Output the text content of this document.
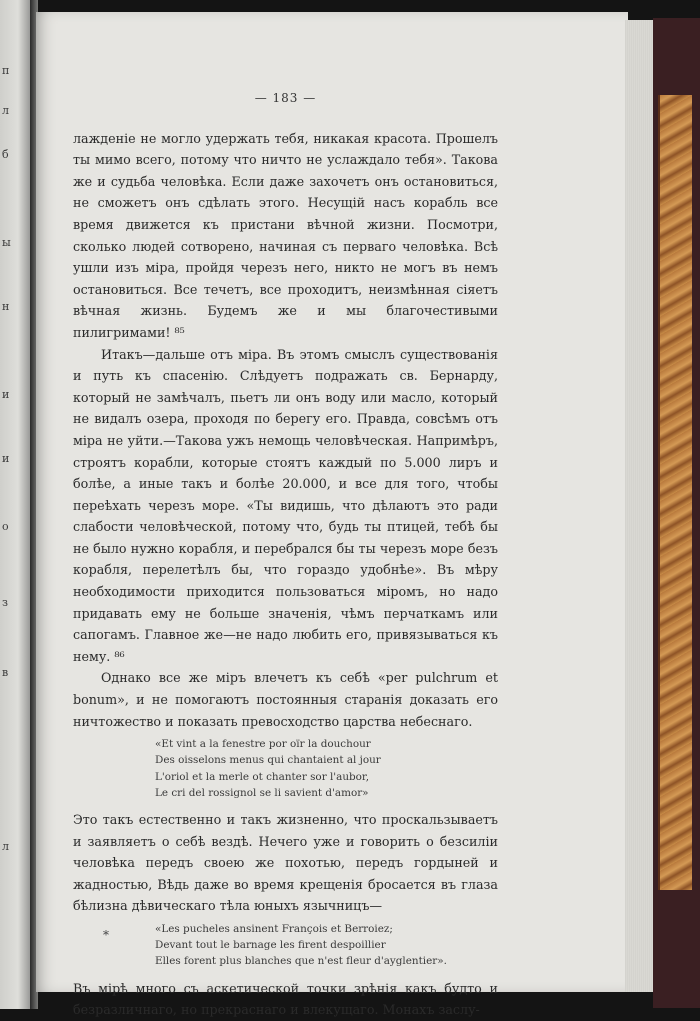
п
л
б
ы
н
и
и
о
з
в
л
— 183 —

лажденіе не могло удержать тебя, никакая красота. Прошелъ ты мимо всего, потому что ничто не услаждало тебя». Такова же и судьба человѣка. Если даже захочетъ онъ остановиться, не сможетъ онъ сдѣлать этого. Несущій насъ корабль все время движется къ пристани вѣчной жизни. Посмотри, сколько людей сотворено, начиная съ перваго человѣка. Всѣ ушли изъ міра, пройдя черезъ него, никто не могъ въ немъ остановиться. Все течетъ, все проходитъ, неизмѣнная сіяетъ вѣчная жизнь. Будемъ же и мы благочестивыми пилигримами! ⁸⁵

Итакъ—дальше отъ міра. Въ этомъ смыслъ существованія и путь къ спасенію. Слѣдуетъ подражать св. Бернарду, который не замѣчалъ, пьетъ ли онъ воду или масло, который не видалъ озера, проходя по берегу его. Правда, совсѣмъ отъ міра не уйти.—Такова ужъ немощь человѣческая. Напримѣръ, строятъ корабли, которые стоятъ каждый по 5.000 лиръ и болѣе, а иные такъ и болѣе 20.000, и все для того, чтобы переѣхать черезъ море. «Ты видишь, что дѣлаютъ это ради слабости человѣческой, потому что, будь ты птицей, тебѣ бы не было нужно корабля, и перебрался бы ты черезъ море безъ корабля, перелетѣлъ бы, что гораздо удобнѣе». Въ мѣру необходимости приходится пользоваться міромъ, но надо придавать ему не больше значенія, чѣмъ перчаткамъ или сапогамъ. Главное же—не надо любить его, привязываться къ нему. ⁸⁶

Однако все же міръ влечетъ къ себѣ «per pulchrum et bonum», и не помогаютъ постоянныя старанія доказать его ничтожество и показать превосходство царства небеснаго.

«Et vint a la fenestre por oïr la douchour
Des oisselons menus qui chantaient al jour
L'oriol et la merle ot chanter sor l'aubor,
Le cri del rossignol se li savient d'amor»

Это такъ естественно и такъ жизненно, что проскальзываетъ и заявляетъ о себѣ вездѣ. Нечего уже и говорить о безсиліи человѣка передъ своею же похотью, передъ гордыней и жадностью, Вѣдь даже во время крещенія бросается въ глаза бѣлизна дѣвическаго тѣла юныхъ язычницъ—

«Les pucheles ansinent François et Berroiez;
Devant tout le barnage les firent despoillier
Elles forent plus blanches que n'est fleur d'ayglentier».

Въ мірѣ много съ аскетической точки зрѣнія какъ будто и безразличнаго, но прекраснаго и влекущаго. Монахъ заслу-

*
